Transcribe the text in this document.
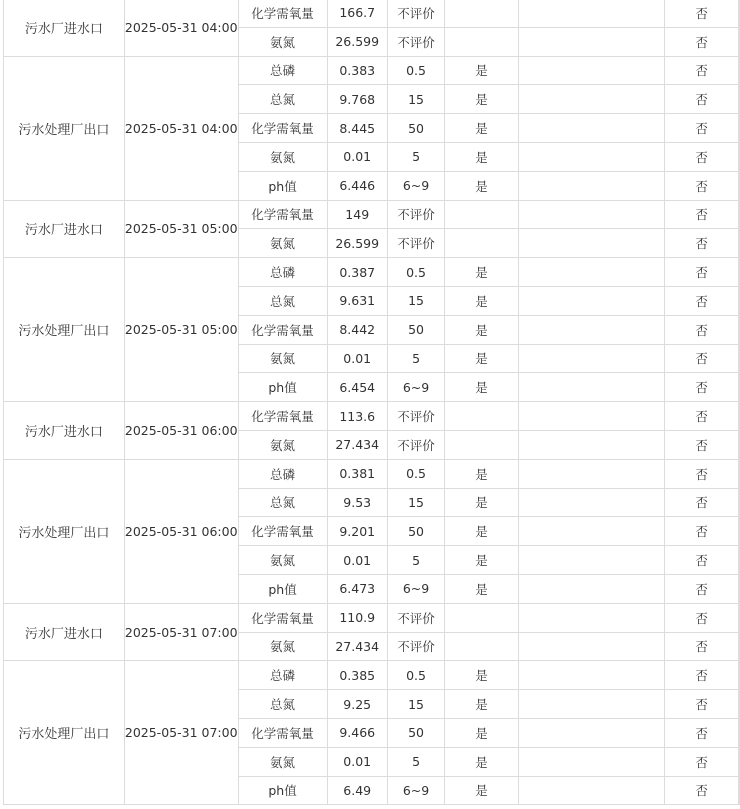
污水厂进水口	2025-05-31 04:00	化学需氧量	166.7	不评价			否	
		氨氮	26.599	不评价			否	
污水处理厂出口	2025-05-31 04:00	总磷	0.383	0.5	是		否	
		总氮	9.768	15	是		否	
		化学需氧量	8.445	50	是		否	
		氨氮	0.01	5	是		否	
		ph值	6.446	6~9	是		否	
污水厂进水口	2025-05-31 05:00	化学需氧量	149	不评价			否	
		氨氮	26.599	不评价			否	
污水处理厂出口	2025-05-31 05:00	总磷	0.387	0.5	是		否	
		总氮	9.631	15	是		否	
		化学需氧量	8.442	50	是		否	
		氨氮	0.01	5	是		否	
		ph值	6.454	6~9	是		否	
污水厂进水口	2025-05-31 06:00	化学需氧量	113.6	不评价			否	
		氨氮	27.434	不评价			否	
污水处理厂出口	2025-05-31 06:00	总磷	0.381	0.5	是		否	
		总氮	9.53	15	是		否	
		化学需氧量	9.201	50	是		否	
		氨氮	0.01	5	是		否	
		ph值	6.473	6~9	是		否	
污水厂进水口	2025-05-31 07:00	化学需氧量	110.9	不评价			否	
		氨氮	27.434	不评价			否	
污水处理厂出口	2025-05-31 07:00	总磷	0.385	0.5	是		否	
		总氮	9.25	15	是		否	
		化学需氧量	9.466	50	是		否	
		氨氮	0.01	5	是		否	
		ph值	6.49	6~9	是		否	
